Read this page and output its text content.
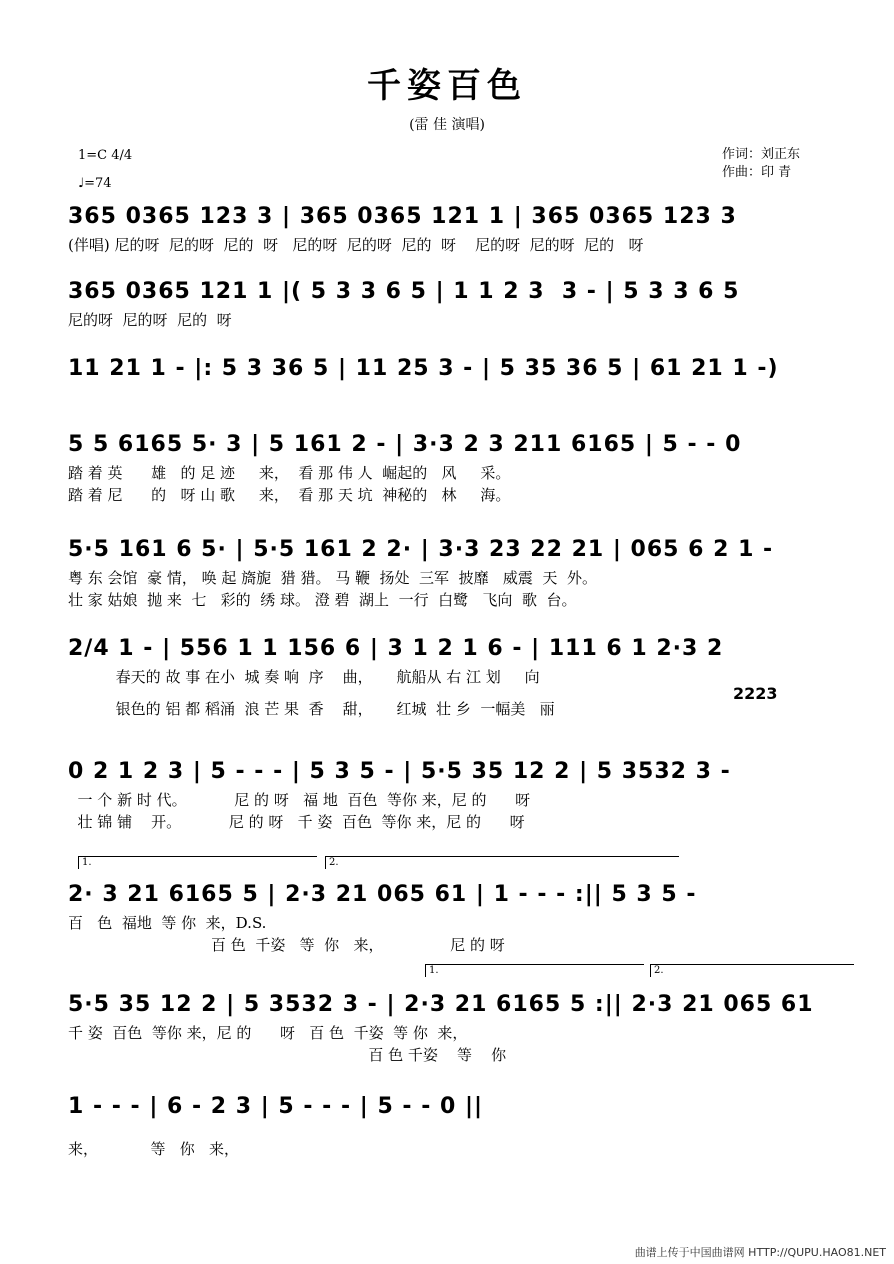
千姿百色
(雷 佳 演唱)
1=C 4/4
♩=74
作词：刘正东
作曲：印 青
365 0365 123 3 | 365 0365 121 1 | 365 0365 123 3
(伴唱) 尼的呀  尼的呀  尼的  呀   尼的呀  尼的呀  尼的  呀    尼的呀  尼的呀  尼的   呀
365 0365 121 1 |( 5 3 3 6 5 | 1 1 2 3  3 - | 5 3 3 6 5
尼的呀  尼的呀  尼的  呀
11 21 1 - |: 5 3 36 5 | 11 25 3 - | 5 35 36 5 | 61 21 1 -)
5 5 6165 5· 3 | 5 161 2 - | 3·3 2 3 211 6165 | 5 - - 0
踏 着 英      雄   的 足 迹     来，  看 那 伟 人  崛起的   风     采。
踏 着 尼      的   呀 山 歌     来，  看 那 天 坑  神秘的   林     海。
5·5 161 6 5· | 5·5 161 2 2· | 3·3 23 22 21 | 065 6 2 1 -
粤 东 会馆  豪 情， 唤 起 旖旎  猎 猎。 马 鞭  扬处  三军  披靡   威震  天  外。
壮 家 姑娘  抛 来  七   彩的  绣 球。 澄 碧  湖上  一行  白鹭   飞向  歌  台。
2/4 1 - | 556 1 1 156 6 | 3 1 2 1 6 - | 111 6 1 2·3 2
春天的 故 事 在小  城 奏 响  序    曲，     航船从 右 江 划     向
2223
银色的 铝 都 稻涌  浪 芒 果  香    甜，     红城  壮 乡  一幅美   丽
0 2 1 2 3 | 5 - - - | 5 3 5 - | 5·5 35 12 2 | 5 3532 3 -
一 个 新 时 代。          尼 的 呀   福 地  百色  等你 来，尼 的      呀
壮 锦 铺    开。          尼 的 呀   千 姿  百色  等你 来，尼 的      呀
1.	2.
2· 3 21 6165 5 | 2·3 21 065 61 | 1 - - - :|| 5 3 5 -
百   色  福地  等 你  来，D.S.
百 色  千姿   等  你   来，              尼 的 呀
1.	2.
5·5 35 12 2 | 5 3532 3 - | 2·3 21 6165 5 :|| 2·3 21 065 61
千 姿  百色  等你 来，尼 的      呀   百 色  千姿  等 你  来，
百 色 千姿    等    你
1 - - - | 6 - 2 3 | 5 - - - | 5 - - 0 ||
来，           等   你   来，
曲谱上传于中国曲谱网 HTTP://QUPU.HAO81.NET
